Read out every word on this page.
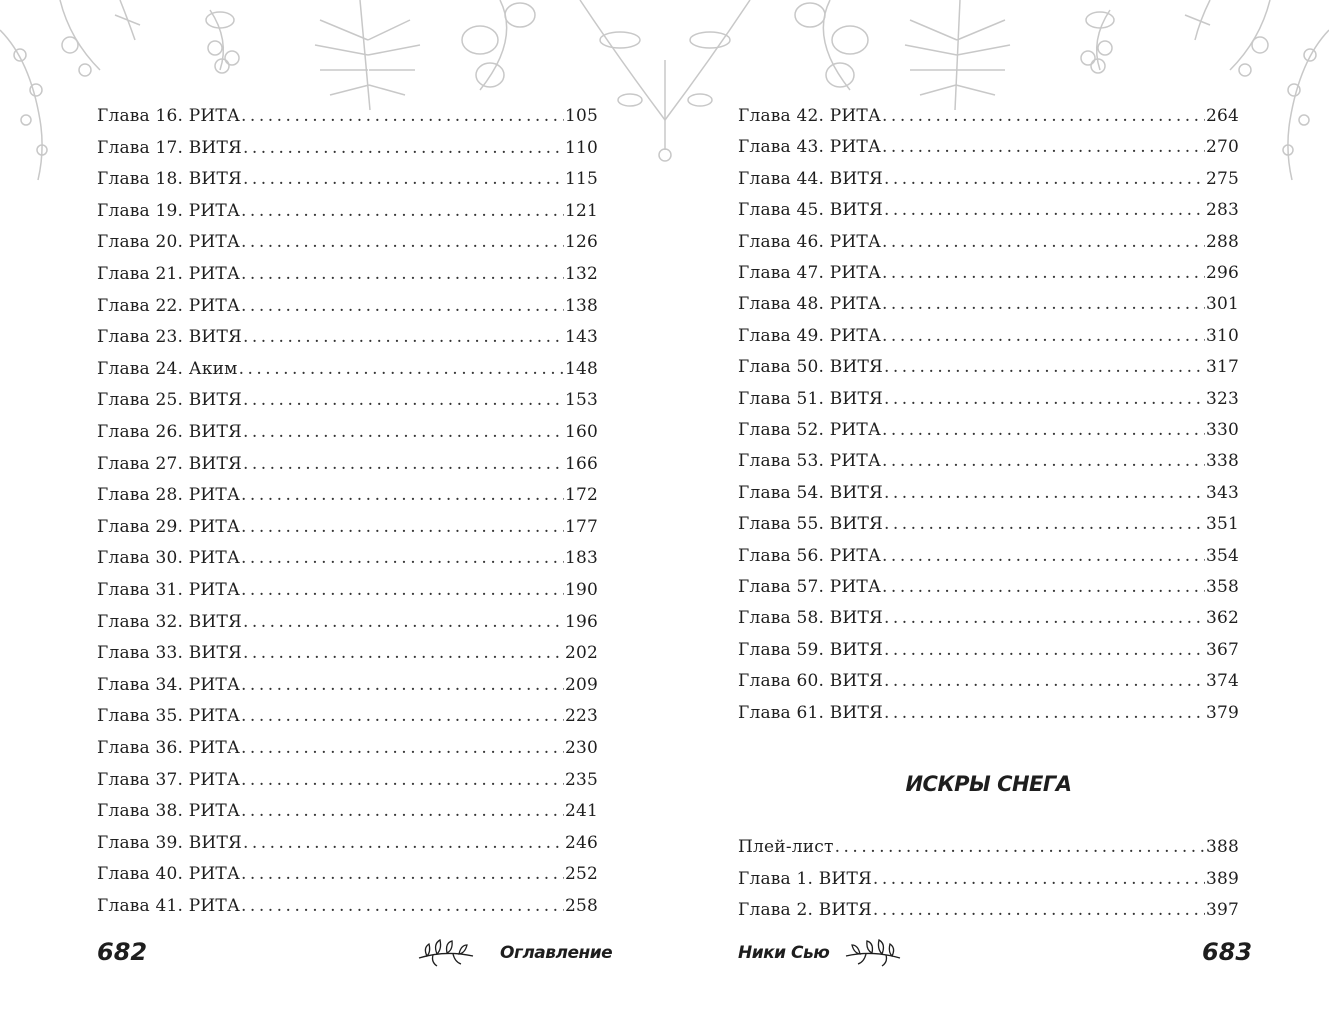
Глава 16. РИТА .....	105
Глава 17. ВИТЯ .....	110
Глава 18. ВИТЯ .....	115
Глава 19. РИТА .....	121
Глава 20. РИТА .....	126
Глава 21. РИТА .....	132
Глава 22. РИТА .....	138
Глава 23. ВИТЯ .....	143
Глава 24. Аким .....	148
Глава 25. ВИТЯ .....	153
Глава 26. ВИТЯ .....	160
Глава 27. ВИТЯ .....	166
Глава 28. РИТА .....	172
Глава 29. РИТА .....	177
Глава 30. РИТА .....	183
Глава 31. РИТА .....	190
Глава 32. ВИТЯ .....	196
Глава 33. ВИТЯ .....	202
Глава 34. РИТА .....	209
Глава 35. РИТА .....	223
Глава 36. РИТА .....	230
Глава 37. РИТА .....	235
Глава 38. РИТА .....	241
Глава 39. ВИТЯ .....	246
Глава 40. РИТА .....	252
Глава 41. РИТА .....	258
Глава 42. РИТА .....	264
Глава 43. РИТА .....	270
Глава 44. ВИТЯ .....	275
Глава 45. ВИТЯ .....	283
Глава 46. РИТА .....	288
Глава 47. РИТА .....	296
Глава 48. РИТА .....	301
Глава 49. РИТА .....	310
Глава 50. ВИТЯ .....	317
Глава 51. ВИТЯ .....	323
Глава 52. РИТА .....	330
Глава 53. РИТА .....	338
Глава 54. ВИТЯ .....	343
Глава 55. ВИТЯ .....	351
Глава 56. РИТА .....	354
Глава 57. РИТА .....	358
Глава 58. ВИТЯ .....	362
Глава 59. ВИТЯ .....	367
Глава 60. ВИТЯ .....	374
Глава 61. ВИТЯ .....	379
ИСКРЫ СНЕГА
Плей-лист .....	388
Глава 1. ВИТЯ .....	389
Глава 2. ВИТЯ .....	397
682	Оглавление	Ники Сью	683
